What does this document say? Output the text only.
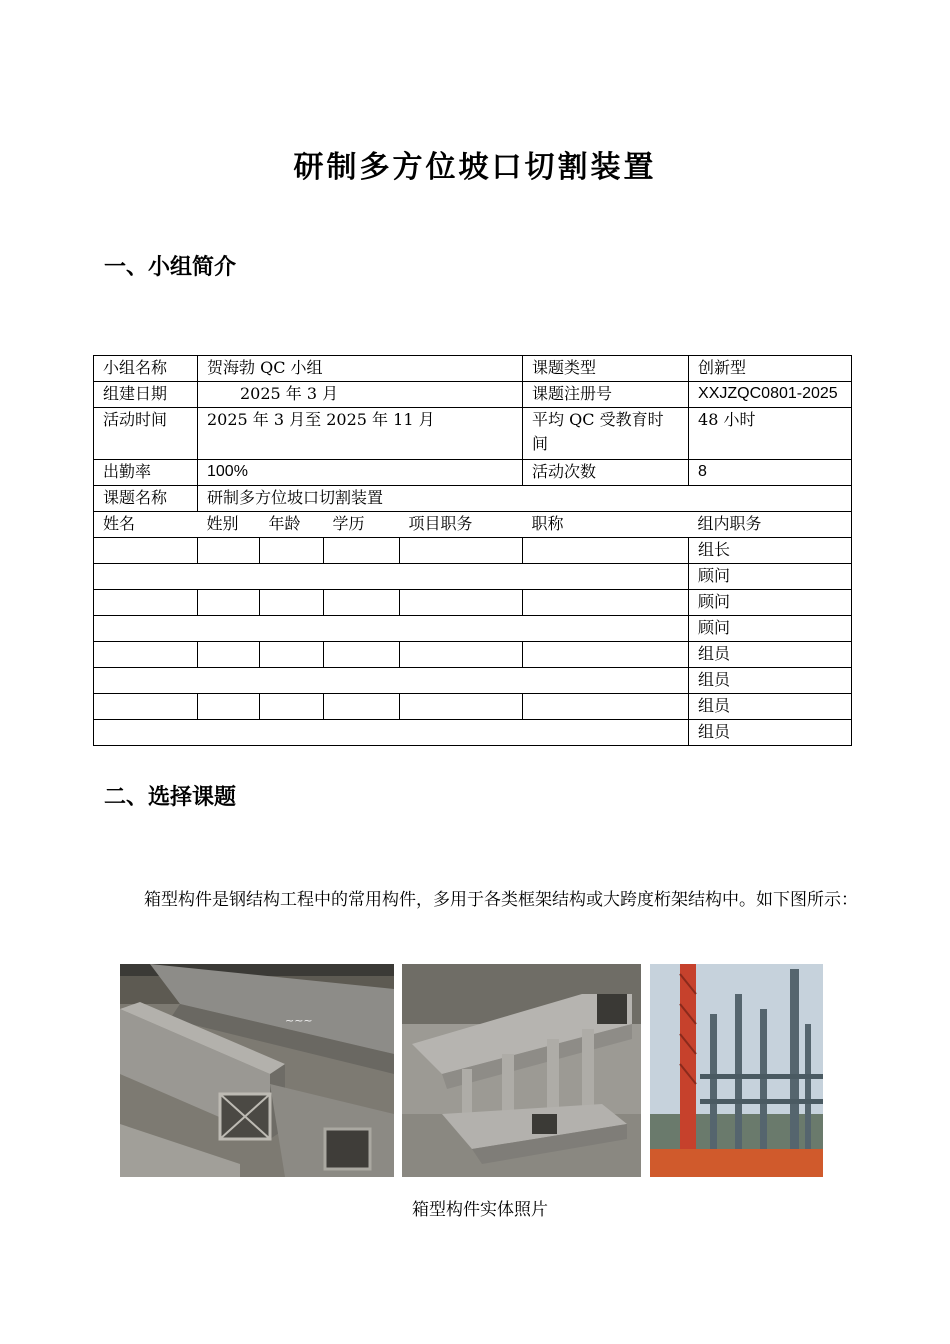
研制多方位坡口切割装置
一、小组简介
小组名称	贺海勃 QC 小组				课题类型	创新型
组建日期	2025 年 3 月				课题注册号	XXJZQC0801-2025
活动时间	2025 年 3 月至 2025 年 11 月				平均 QC 受教育时间	48 小时
出勤率	100%				活动次数	8
课题名称	研制多方位坡口切割装置					
姓名	姓别	年龄	学历	项目职务	职称	组内职务
						组长
						顾问
						顾问
						顾问
						组员
						组员
						组员
						组员
二、选择课题
箱型构件是钢结构工程中的常用构件，多用于各类框架结构或大跨度桁架结构中。如下图所示：
~~~
箱型构件实体照片
